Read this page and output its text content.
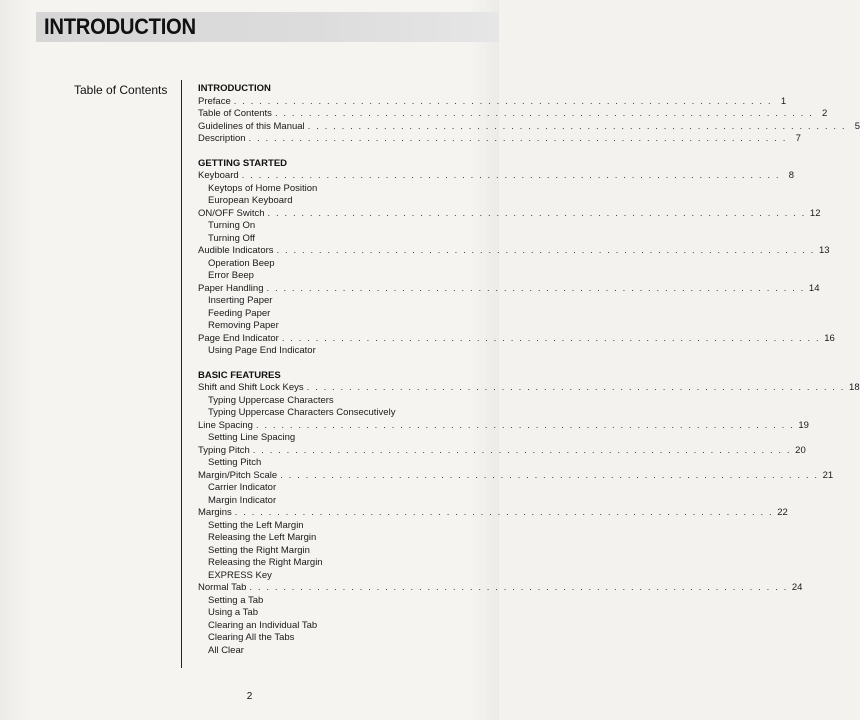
INTRODUCTION
Table of Contents	INTRODUCTION
Preface . . . . . . . . . . . . . . . . . . . . . . . . . . . . . . . . . . . . . . . . . . . . . . . . . . . . . . . . . . . . . . . . 1
Table of Contents . . . . . . . . . . . . . . . . . . . . . . . . . . . . . . . . . . . . . . . . . . . . . . . . . . . . . . . . . . . . . . . . 2
Guidelines of this Manual . . . . . . . . . . . . . . . . . . . . . . . . . . . . . . . . . . . . . . . . . . . . . . . . . . . . . . . . . . . . . . . . 5
Description . . . . . . . . . . . . . . . . . . . . . . . . . . . . . . . . . . . . . . . . . . . . . . . . . . . . . . . . . . . . . . . . 7
GETTING STARTED
Keyboard . . . . . . . . . . . . . . . . . . . . . . . . . . . . . . . . . . . . . . . . . . . . . . . . . . . . . . . . . . . . . . . . 8
Keytops of Home Position
European Keyboard
ON/OFF Switch . . . . . . . . . . . . . . . . . . . . . . . . . . . . . . . . . . . . . . . . . . . . . . . . . . . . . . . . . . . . . . . . 12
Turning On
Turning Off
Audible Indicators . . . . . . . . . . . . . . . . . . . . . . . . . . . . . . . . . . . . . . . . . . . . . . . . . . . . . . . . . . . . . . . . 13
Operation Beep
Error Beep
Paper Handling . . . . . . . . . . . . . . . . . . . . . . . . . . . . . . . . . . . . . . . . . . . . . . . . . . . . . . . . . . . . . . . . 14
Inserting Paper
Feeding Paper
Removing Paper
Page End Indicator . . . . . . . . . . . . . . . . . . . . . . . . . . . . . . . . . . . . . . . . . . . . . . . . . . . . . . . . . . . . . . . . 16
Using Page End Indicator
BASIC FEATURES
Shift and Shift Lock Keys . . . . . . . . . . . . . . . . . . . . . . . . . . . . . . . . . . . . . . . . . . . . . . . . . . . . . . . . . . . . . . . . 18
Typing Uppercase Characters
Typing Uppercase Characters Consecutively
Line Spacing . . . . . . . . . . . . . . . . . . . . . . . . . . . . . . . . . . . . . . . . . . . . . . . . . . . . . . . . . . . . . . . . 19
Setting Line Spacing
Typing Pitch . . . . . . . . . . . . . . . . . . . . . . . . . . . . . . . . . . . . . . . . . . . . . . . . . . . . . . . . . . . . . . . . 20
Setting Pitch
Margin/Pitch Scale . . . . . . . . . . . . . . . . . . . . . . . . . . . . . . . . . . . . . . . . . . . . . . . . . . . . . . . . . . . . . . . . 21
Carrier Indicator
Margin Indicator
Margins . . . . . . . . . . . . . . . . . . . . . . . . . . . . . . . . . . . . . . . . . . . . . . . . . . . . . . . . . . . . . . . . 22
Setting the Left Margin
Releasing the Left Margin
Setting the Right Margin
Releasing the Right Margin
EXPRESS Key
Normal Tab . . . . . . . . . . . . . . . . . . . . . . . . . . . . . . . . . . . . . . . . . . . . . . . . . . . . . . . . . . . . . . . . 24
Setting a Tab
Using a Tab
Clearing an Individual Tab
Clearing All the Tabs
All Clear
2
